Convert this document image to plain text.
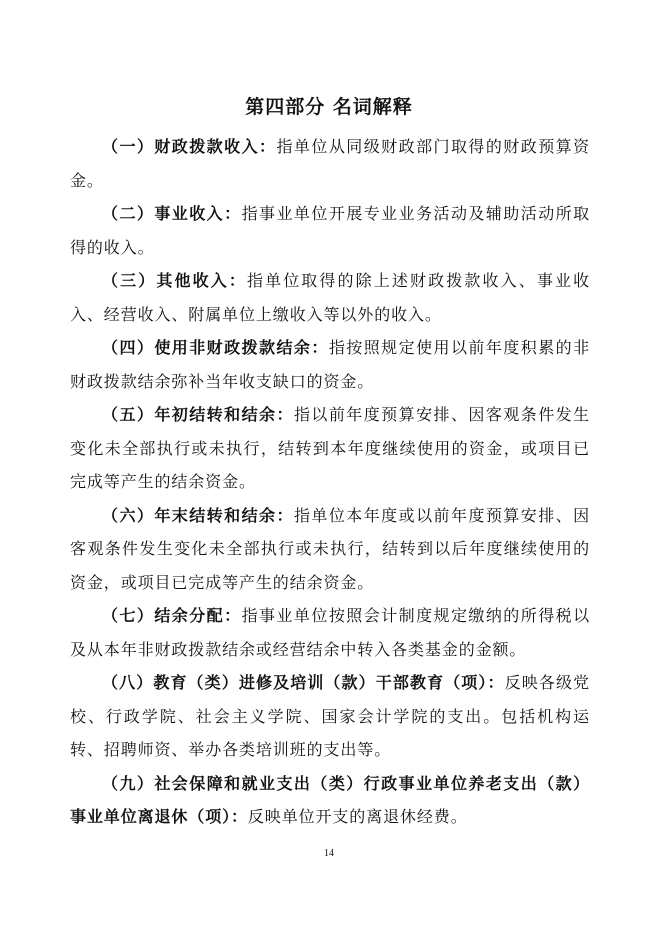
第四部分 名词解释

（一）财政拨款收入：指单位从同级财政部门取得的财政预算资金。

（二）事业收入：指事业单位开展专业业务活动及辅助活动所取得的收入。

（三）其他收入：指单位取得的除上述财政拨款收入、事业收入、经营收入、附属单位上缴收入等以外的收入。

（四）使用非财政拨款结余：指按照规定使用以前年度积累的非财政拨款结余弥补当年收支缺口的资金。

（五）年初结转和结余：指以前年度预算安排、因客观条件发生变化未全部执行或未执行，结转到本年度继续使用的资金，或项目已完成等产生的结余资金。

（六）年末结转和结余：指单位本年度或以前年度预算安排、因客观条件发生变化未全部执行或未执行，结转到以后年度继续使用的资金，或项目已完成等产生的结余资金。

（七）结余分配：指事业单位按照会计制度规定缴纳的所得税以及从本年非财政拨款结余或经营结余中转入各类基金的金额。

（八）教育（类）进修及培训（款）干部教育（项）：反映各级党校、行政学院、社会主义学院、国家会计学院的支出。包括机构运转、招聘师资、举办各类培训班的支出等。

（九）社会保障和就业支出（类）行政事业单位养老支出（款）事业单位离退休（项）：反映单位开支的离退休经费。

14
